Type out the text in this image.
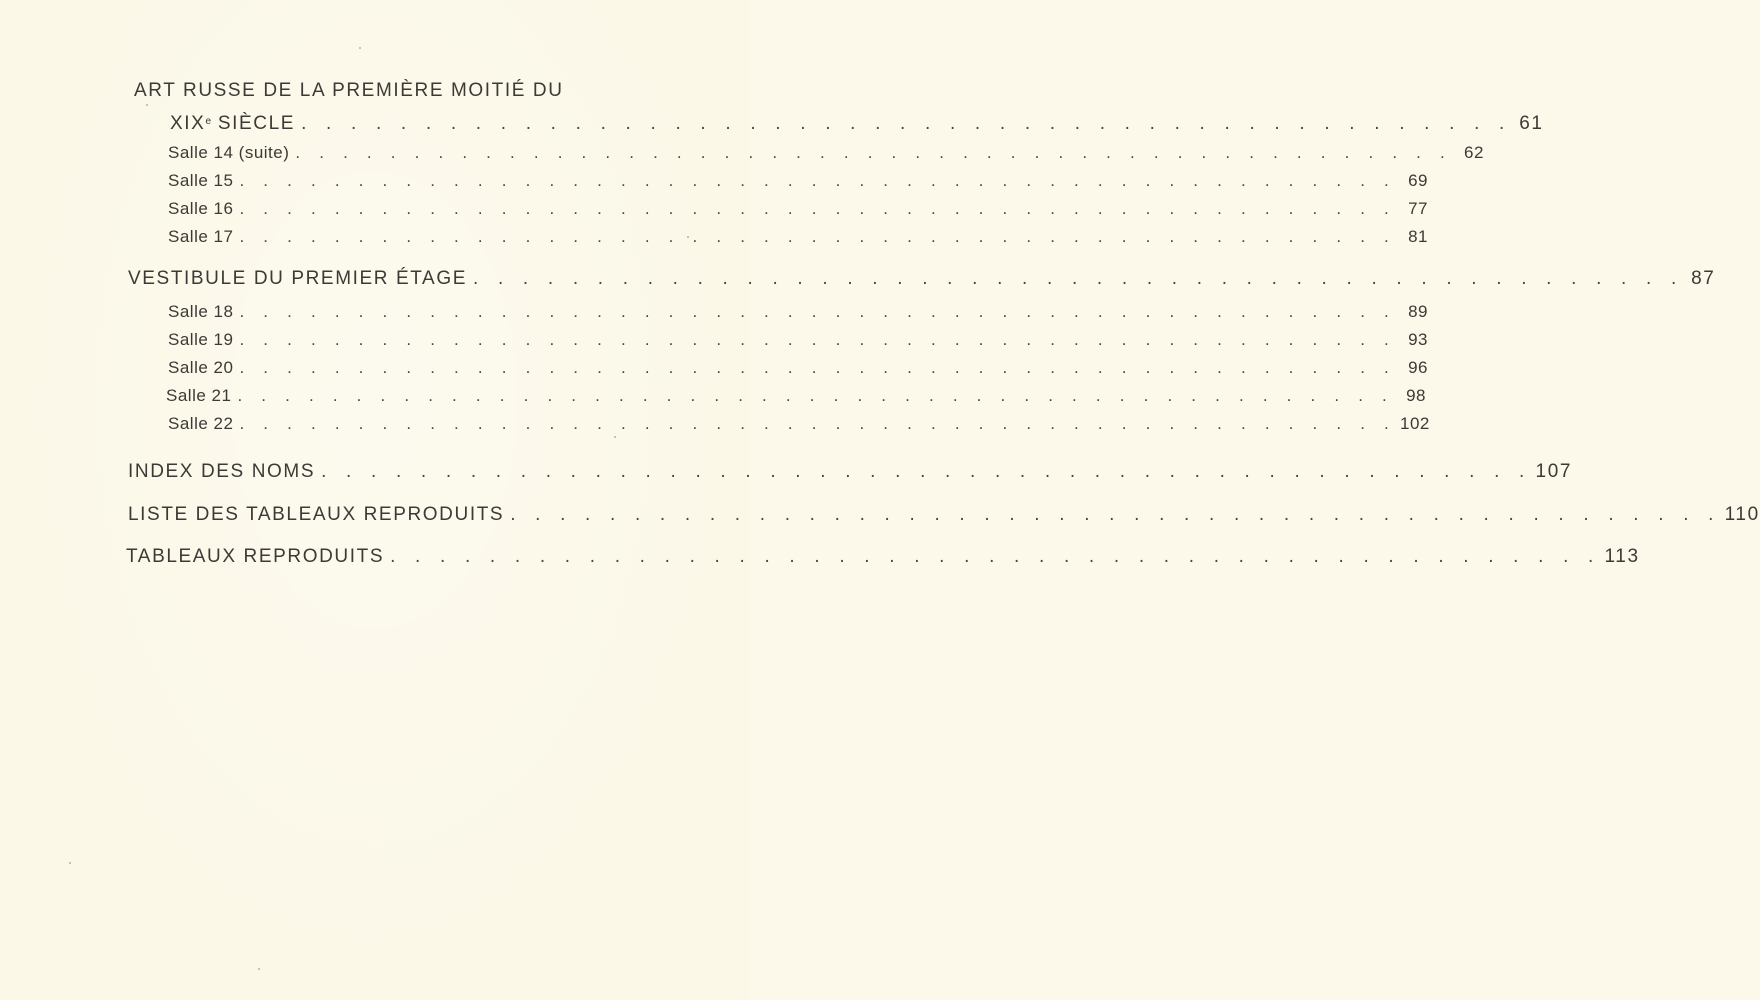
ART RUSSE DE LA PREMIÈRE MOITIÉ DU
XIXe SIÈCLE . . . . . . . . . . . . . . . . . . . . . . . . . . . . . . . . . . . . . . . . . . . . . . . . . 61
Salle 14 (suite) . . . . . . . . . . . . . . . . . . . . . . . . . . . . . . . . . . . . . . . . . . . . . . . . . 62
Salle 15 . . . . . . . . . . . . . . . . . . . . . . . . . . . . . . . . . . . . . . . . . . . . . . . . . 69
Salle 16 . . . . . . . . . . . . . . . . . . . . . . . . . . . . . . . . . . . . . . . . . . . . . . . . . 77
Salle 17 . . . . . . . . . . . . . . . . . . . . . . . . . . . . . . . . . . . . . . . . . . . . . . . . . 81
VESTIBULE DU PREMIER ÉTAGE . . . . . . . . . . . . . . . . . . . . . . . . . . . . . . . . . . . . . . . . . . . . . . . . . 87
Salle 18 . . . . . . . . . . . . . . . . . . . . . . . . . . . . . . . . . . . . . . . . . . . . . . . . . 89
Salle 19 . . . . . . . . . . . . . . . . . . . . . . . . . . . . . . . . . . . . . . . . . . . . . . . . . 93
Salle 20 . . . . . . . . . . . . . . . . . . . . . . . . . . . . . . . . . . . . . . . . . . . . . . . . . 96
Salle 21 . . . . . . . . . . . . . . . . . . . . . . . . . . . . . . . . . . . . . . . . . . . . . . . . . 98
Salle 22 . . . . . . . . . . . . . . . . . . . . . . . . . . . . . . . . . . . . . . . . . . . . . . . . . 102
INDEX DES NOMS . . . . . . . . . . . . . . . . . . . . . . . . . . . . . . . . . . . . . . . . . . . . . . . . . 107
LISTE DES TABLEAUX REPRODUITS . . . . . . . . . . . . . . . . . . . . . . . . . . . . . . . . . . . . . . . . . . . . . . . . . 110
TABLEAUX REPRODUITS . . . . . . . . . . . . . . . . . . . . . . . . . . . . . . . . . . . . . . . . . . . . . . . . . 113
